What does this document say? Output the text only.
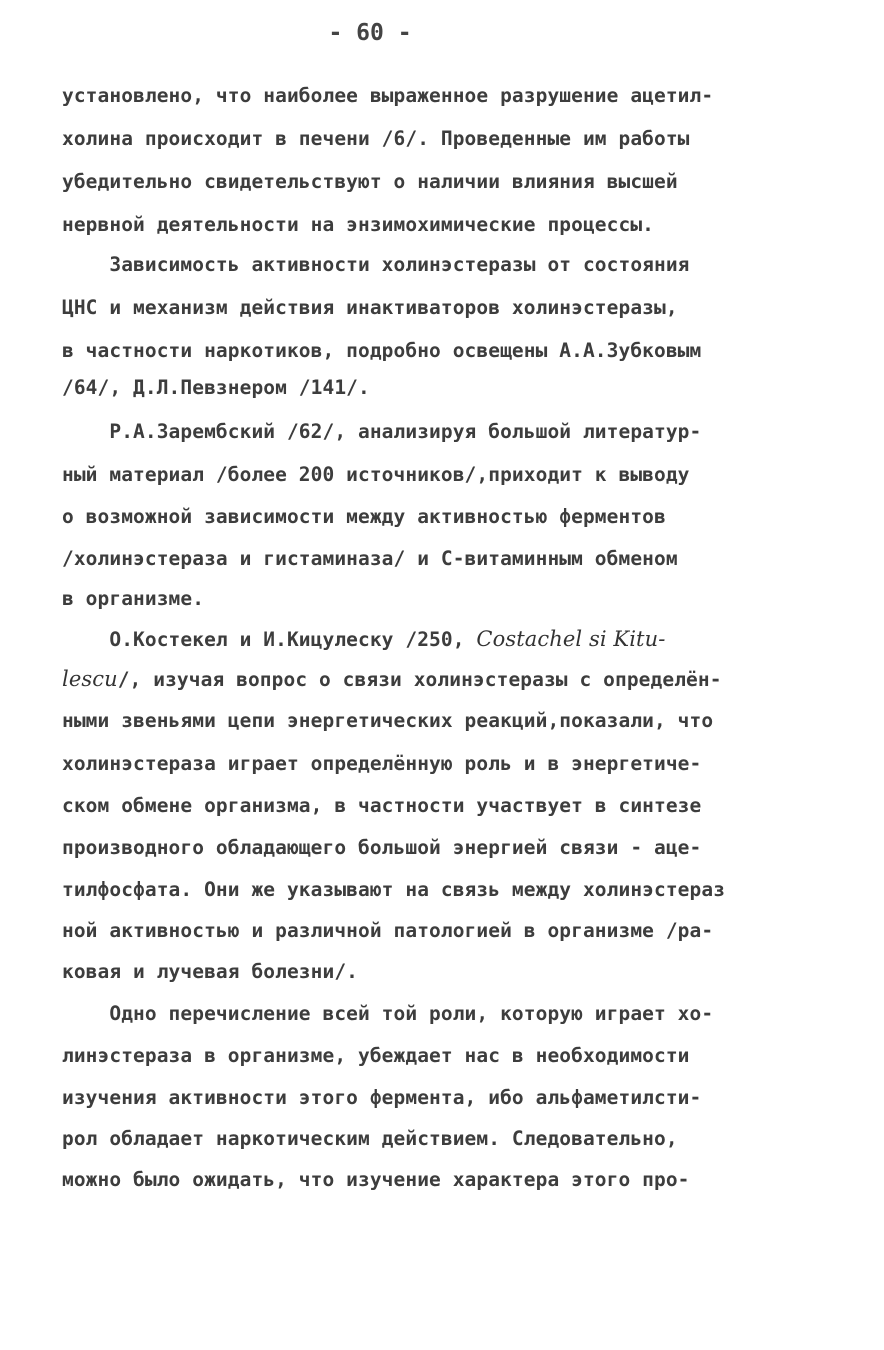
- 60 -
установлено, что наиболее выраженное разрушение ацетил-
холина происходит в печени /6/. Проведенные им работы
убедительно свидетельствуют о наличии влияния высшей
нервной деятельности на энзимохимические процессы.
Зависимость активности холинэстеразы от состояния
ЦНС и механизм действия инактиваторов холинэстеразы,
в частности наркотиков, подробно освещены А.А.Зубковым
/64/, Д.Л.Певзнером /141/.
Р.А.Зарембский /62/, анализируя большой литератур-
ный материал /более 200 источников/,приходит к выводу
о возможной зависимости между активностью ферментов
/холинэстераза и гистаминаза/ и С-витаминным обменом
в организме.
О.Костекел и И.Кицулеску /250, Costachel si Kitu-
lescu/, изучая вопрос о связи холинэстеразы с определён-
ными звеньями цепи энергетических реакций,показали, что
холинэстераза играет определённую роль и в энергетиче-
ском обмене организма, в частности участвует в синтезе
производного обладающего большой энергией связи - аце-
тилфосфата. Они же указывают на связь между холинэстераз
ной активностью и различной патологией в организме /ра-
ковая и лучевая болезни/.
Одно перечисление всей той роли, которую играет хо-
линэстераза в организме, убеждает нас в необходимости
изучения активности этого фермента, ибо альфаметилсти-
рол обладает наркотическим действием. Следовательно,
можно было ожидать, что изучение характера этого про-
